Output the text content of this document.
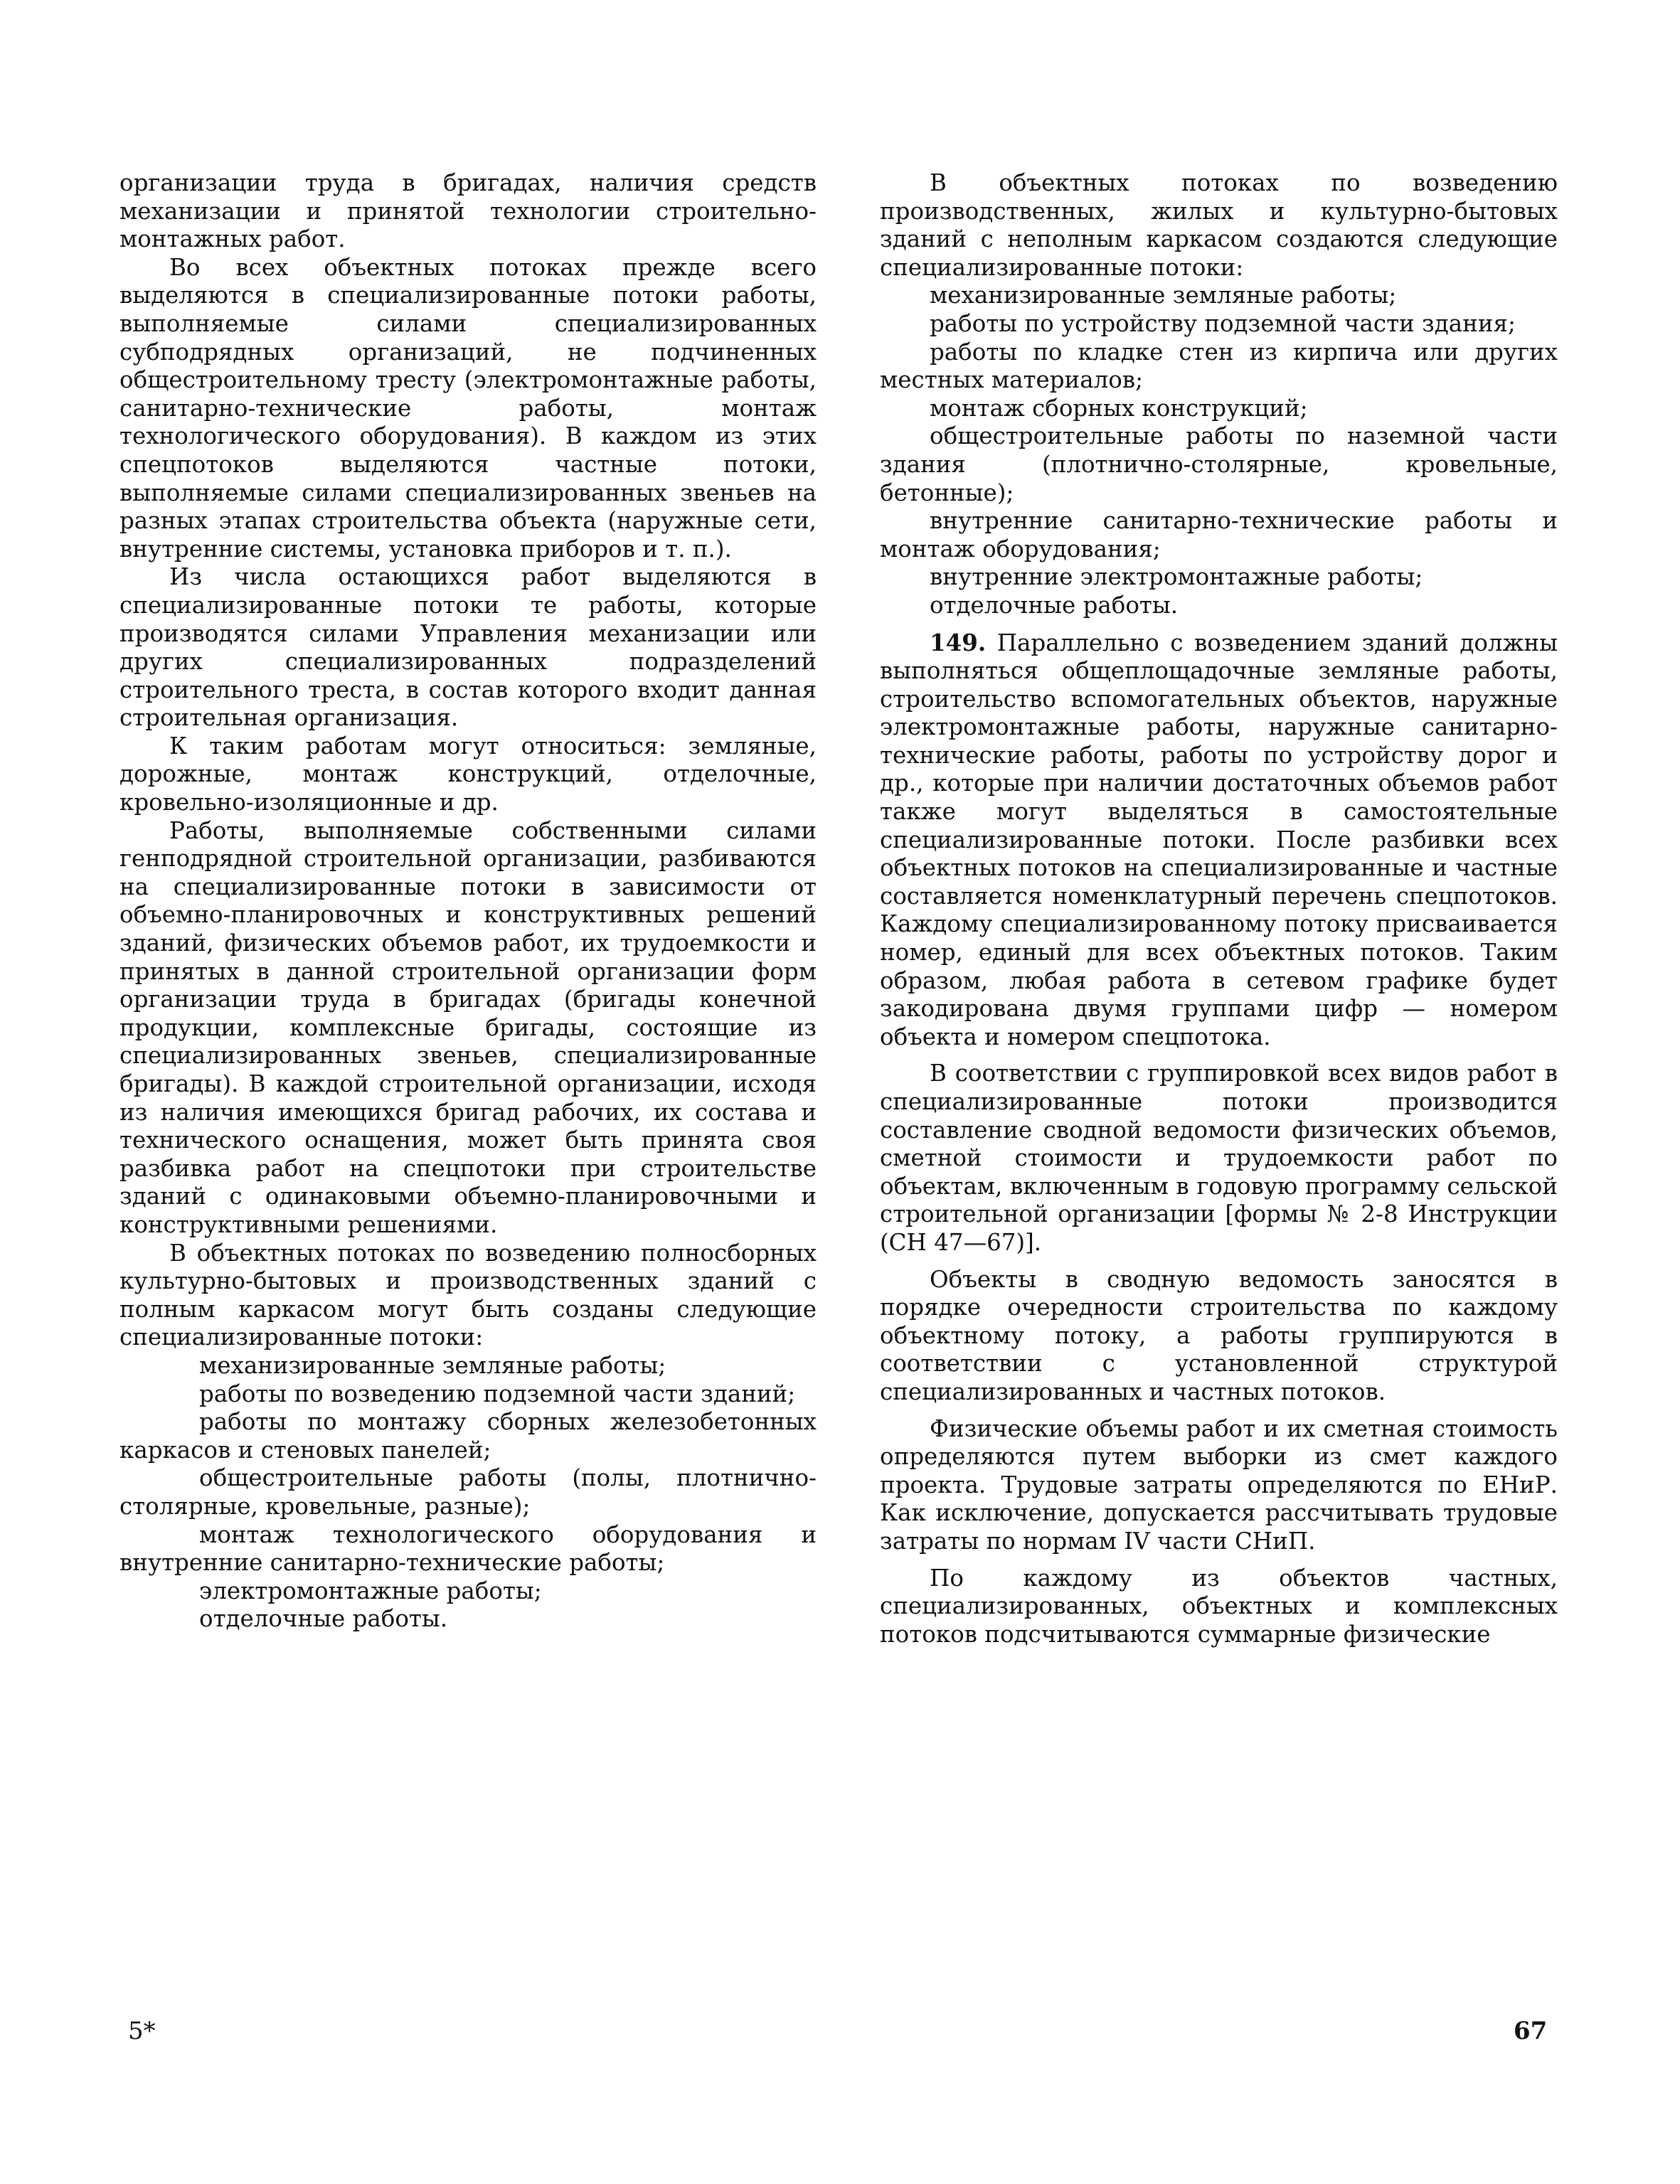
организации труда в бригадах, наличия средств механизации и принятой технологии строительно-монтажных работ.

Во всех объектных потоках прежде всего выделяются в специализированные потоки работы, выполняемые силами специализированных субподрядных организаций, не подчиненных общестроительному тресту (электромонтажные работы, санитарно-технические работы, монтаж технологического оборудования). В каждом из этих спецпотоков выделяются частные потоки, выполняемые силами специализированных звеньев на разных этапах строительства объекта (наружные сети, внутренние системы, установка приборов и т. п.).

Из числа остающихся работ выделяются в специализированные потоки те работы, которые производятся силами Управления механизации или других специализированных подразделений строительного треста, в состав которого входит данная строительная организация.

К таким работам могут относиться: земляные, дорожные, монтаж конструкций, отделочные, кровельно-изоляционные и др.

Работы, выполняемые собственными силами генподрядной строительной организации, разбиваются на специализированные потоки в зависимости от объемно-планировочных и конструктивных решений зданий, физических объемов работ, их трудоемкости и принятых в данной строительной организации форм организации труда в бригадах (бригады конечной продукции, комплексные бригады, состоящие из специализированных звеньев, специализированные бригады). В каждой строительной организации, исходя из наличия имеющихся бригад рабочих, их состава и технического оснащения, может быть принята своя разбивка работ на спецпотоки при строительстве зданий с одинаковыми объемно-планировочными и конструктивными решениями.

В объектных потоках по возведению полносборных культурно-бытовых и производственных зданий с полным каркасом могут быть созданы следующие специализированные потоки:

механизированные земляные работы;

работы по возведению подземной части зданий;

работы по монтажу сборных железобетонных каркасов и стеновых панелей;

общестроительные работы (полы, плотнично-столярные, кровельные, разные);

монтаж технологического оборудования и внутренние санитарно-технические работы;

электромонтажные работы;

отделочные работы.

В объектных потоках по возведению производственных, жилых и культурно-бытовых зданий с неполным каркасом создаются следующие специализированные потоки:

механизированные земляные работы;

работы по устройству подземной части здания;

работы по кладке стен из кирпича или других местных материалов;

монтаж сборных конструкций;

общестроительные работы по наземной части здания (плотнично-столярные, кровельные, бетонные);

внутренние санитарно-технические работы и монтаж оборудования;

внутренние электромонтажные работы;

отделочные работы.

149. Параллельно с возведением зданий должны выполняться общеплощадочные земляные работы, строительство вспомогательных объектов, наружные электромонтажные работы, наружные санитарно-технические работы, работы по устройству дорог и др., которые при наличии достаточных объемов работ также могут выделяться в самостоятельные специализированные потоки. После разбивки всех объектных потоков на специализированные и частные составляется номенклатурный перечень спецпотоков. Каждому специализированному потоку присваивается номер, единый для всех объектных потоков. Таким образом, любая работа в сетевом графике будет закодирована двумя группами цифр — номером объекта и номером спецпотока.

В соответствии с группировкой всех видов работ в специализированные потоки производится составление сводной ведомости физических объемов, сметной стоимости и трудоемкости работ по объектам, включенным в годовую программу сельской строительной организации [формы № 2-8 Инструкции (СН 47—67)].

Объекты в сводную ведомость заносятся в порядке очередности строительства по каждому объектному потоку, а работы группируются в соответствии с установленной структурой специализированных и частных потоков.

Физические объемы работ и их сметная стоимость определяются путем выборки из смет каждого проекта. Трудовые затраты определяются по ЕНиР. Как исключение, допускается рассчитывать трудовые затраты по нормам IV части СНиП.

По каждому из объектов частных, специализированных, объектных и комплексных потоков подсчитываются суммарные физические

5*	67
